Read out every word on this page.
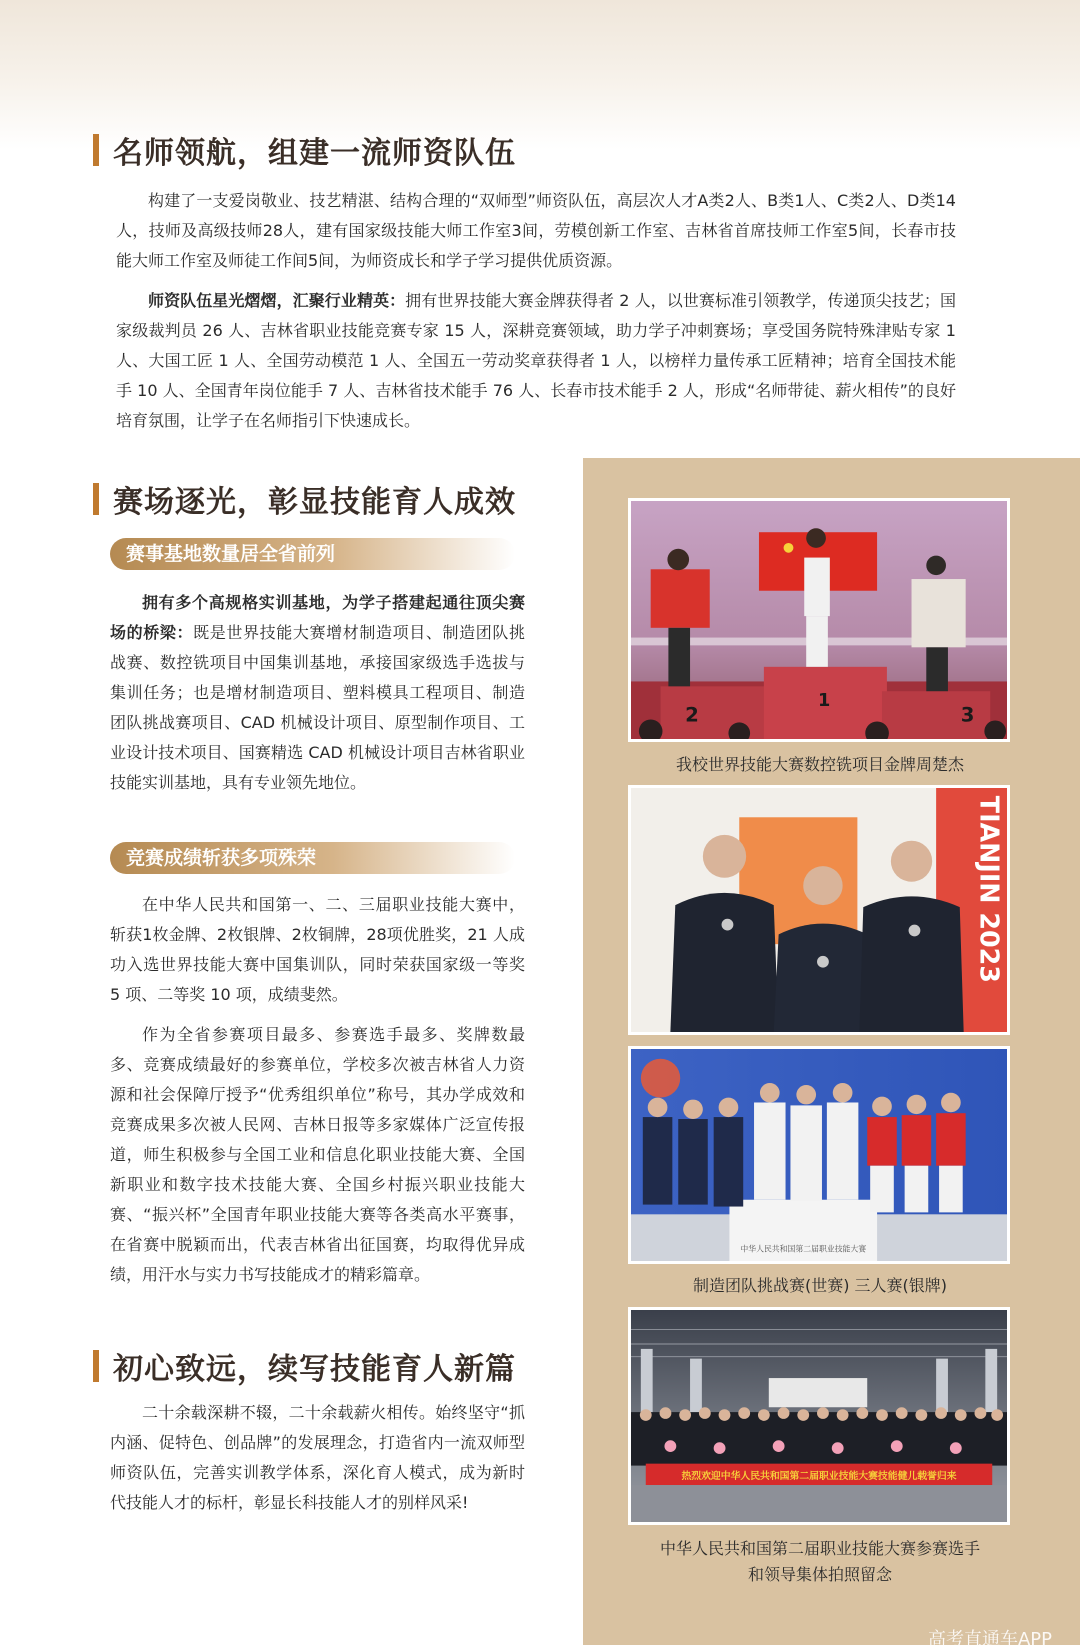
名师领航，组建一流师资队伍

构建了一支爱岗敬业、技艺精湛、结构合理的“双师型”师资队伍，高层次人才A类2人、B类1人、C类2人、D类14人，技师及高级技师28人，建有国家级技能大师工作室3间，劳模创新工作室、吉林省首席技师工作室5间，长春市技能大师工作室及师徒工作间5间，为师资成长和学子学习提供优质资源。

师资队伍星光熠熠，汇聚行业精英：拥有世界技能大赛金牌获得者 2 人，以世赛标准引领教学，传递顶尖技艺；国家级裁判员 26 人、吉林省职业技能竞赛专家 15 人，深耕竞赛领域，助力学子冲刺赛场；享受国务院特殊津贴专家 1 人、大国工匠 1 人、全国劳动模范 1 人、全国五一劳动奖章获得者 1 人，以榜样力量传承工匠精神；培育全国技术能手 10 人、全国青年岗位能手 7 人、吉林省技术能手 76 人、长春市技术能手 2 人，形成“名师带徒、薪火相传”的良好培育氛围，让学子在名师指引下快速成长。

赛场逐光，彰显技能育人成效
赛事基地数量居全省前列

拥有多个高规格实训基地，为学子搭建起通往顶尖赛场的桥梁：既是世界技能大赛增材制造项目、制造团队挑战赛、数控铣项目中国集训基地，承接国家级选手选拔与集训任务；也是增材制造项目、塑料模具工程项目、制造团队挑战赛项目、CAD 机械设计项目、原型制作项目、工业设计技术项目、国赛精选 CAD 机械设计项目吉林省职业技能实训基地，具有专业领先地位。

竞赛成绩斩获多项殊荣

在中华人民共和国第一、二、三届职业技能大赛中，斩获1枚金牌、2枚银牌、2枚铜牌，28项优胜奖，21 人成功入选世界技能大赛中国集训队，同时荣获国家级一等奖 5 项、二等奖 10 项，成绩斐然。

作为全省参赛项目最多、参赛选手最多、奖牌数最多、竞赛成绩最好的参赛单位，学校多次被吉林省人力资源和社会保障厅授予“优秀组织单位”称号，其办学成效和竞赛成果多次被人民网、吉林日报等多家媒体广泛宣传报道，师生积极参与全国工业和信息化职业技能大赛、全国新职业和数字技术技能大赛、全国乡村振兴职业技能大赛、“振兴杯”全国青年职业技能大赛等各类高水平赛事，在省赛中脱颖而出，代表吉林省出征国赛，均取得优异成绩，用汗水与实力书写技能成才的精彩篇章。

初心致远，续写技能育人新篇

二十余载深耕不辍，二十余载薪火相传。始终坚守“抓内涵、促特色、创品牌”的发展理念，打造省内一流双师型师资队伍，完善实训教学体系，深化育人模式，成为新时代技能人才的标杆，彰显长科技能人才的别样风采!

2
1
3
我校世界技能大赛数控铣项目金牌周楚杰
TIANJIN 2023
中华人民共和国第二届职业技能大赛
制造团队挑战赛(世赛) 三人赛(银牌)
热烈欢迎中华人民共和国第二届职业技能大赛技能健儿载誉归来
中华人民共和国第二届职业技能大赛参赛选手
和领导集体拍照留念
高考直通车APP
